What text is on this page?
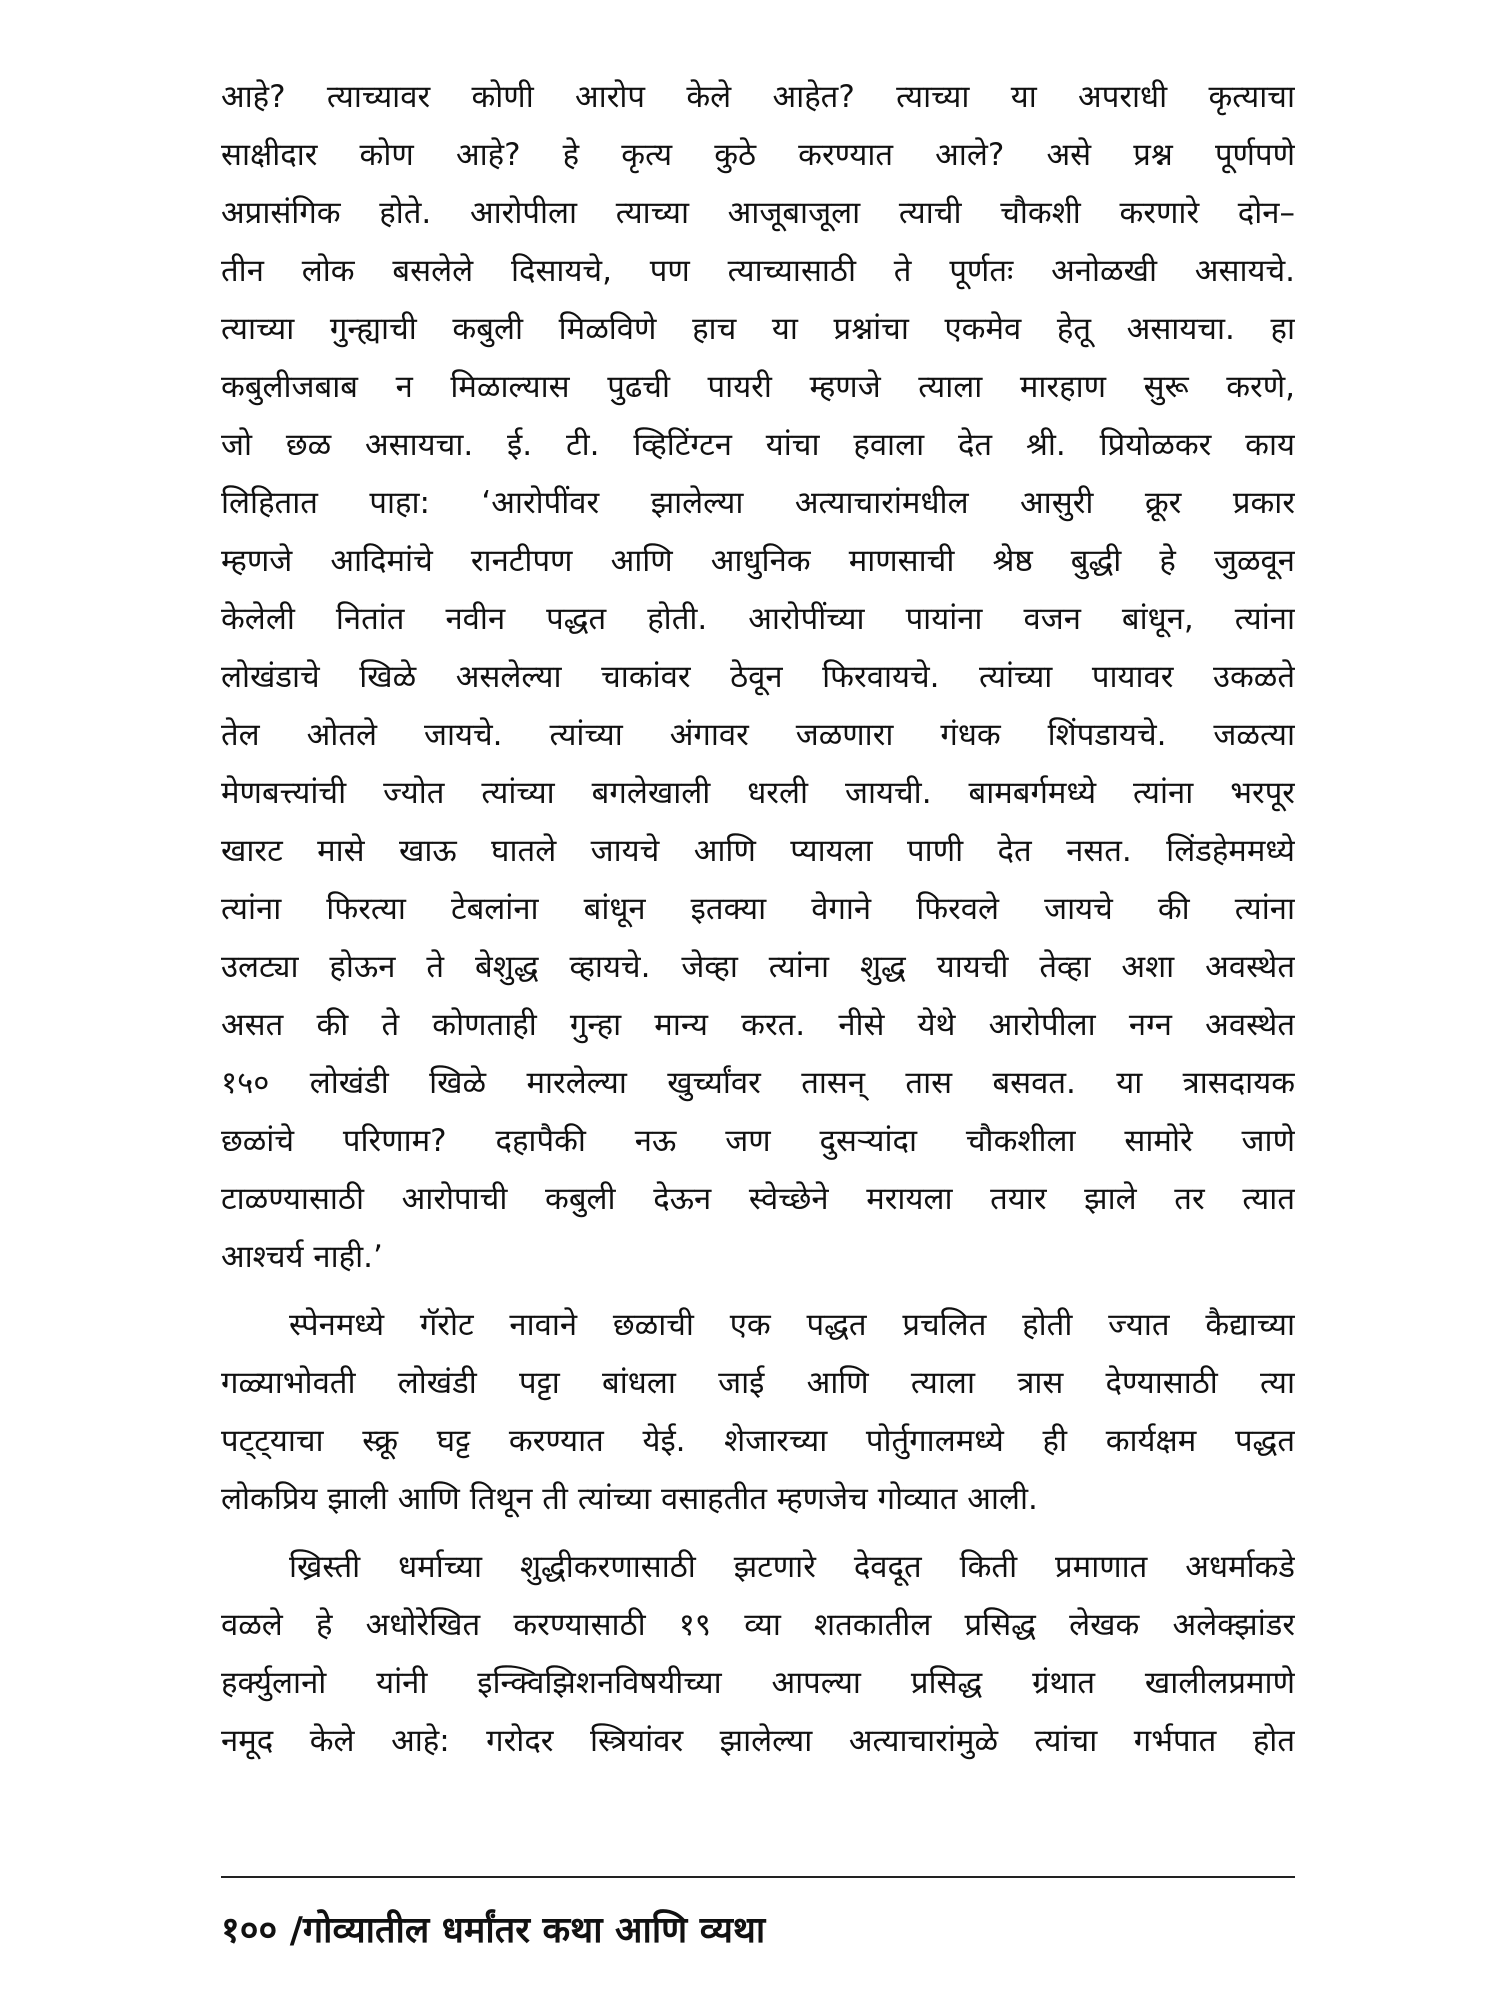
आहे? त्याच्यावर कोणी आरोप केले आहेत? त्याच्या या अपराधी कृत्याचा
साक्षीदार कोण आहे? हे कृत्य कुठे करण्यात आले? असे प्रश्न पूर्णपणे
अप्रासंगिक होते. आरोपीला त्याच्या आजूबाजूला त्याची चौकशी करणारे दोन–
तीन लोक बसलेले दिसायचे, पण त्याच्यासाठी ते पूर्णतः अनोळखी असायचे.
त्याच्या गुन्ह्याची कबुली मिळविणे हाच या प्रश्नांचा एकमेव हेतू असायचा. हा
कबुलीजबाब न मिळाल्यास पुढची पायरी म्हणजे त्याला मारहाण सुरू करणे,
जो छळ असायचा. ई. टी. व्हिटिंग्टन यांचा हवाला देत श्री. प्रियोळकर काय
लिहितात पाहा: ‘आरोपींवर झालेल्या अत्याचारांमधील आसुरी क्रूर प्रकार
म्हणजे आदिमांचे रानटीपण आणि आधुनिक माणसाची श्रेष्ठ बुद्धी हे जुळवून
केलेली नितांत नवीन पद्धत होती. आरोपींच्या पायांना वजन बांधून, त्यांना
लोखंडाचे खिळे असलेल्या चाकांवर ठेवून फिरवायचे. त्यांच्या पायावर उकळते
तेल ओतले जायचे. त्यांच्या अंगावर जळणारा गंधक शिंपडायचे. जळत्या
मेणबत्त्यांची ज्योत त्यांच्या बगलेखाली धरली जायची. बामबर्गमध्ये त्यांना भरपूर
खारट मासे खाऊ घातले जायचे आणि प्यायला पाणी देत नसत. लिंडहेममध्ये
त्यांना फिरत्या टेबलांना बांधून इतक्या वेगाने फिरवले जायचे की त्यांना
उलट्या होऊन ते बेशुद्ध व्हायचे. जेव्हा त्यांना शुद्ध यायची तेव्हा अशा अवस्थेत
असत की ते कोणताही गुन्हा मान्य करत. नीसे येथे आरोपीला नग्न अवस्थेत
१५० लोखंडी खिळे मारलेल्या खुर्च्यांवर तासन् तास बसवत. या त्रासदायक
छळांचे परिणाम? दहापैकी नऊ जण दुसऱ्यांदा चौकशीला सामोरे जाणे
टाळण्यासाठी आरोपाची कबुली देऊन स्वेच्छेने मरायला तयार झाले तर त्यात
आश्चर्य नाही.’
स्पेनमध्ये गॅरोट नावाने छळाची एक पद्धत प्रचलित होती ज्यात कैद्याच्या
गळ्याभोवती लोखंडी पट्टा बांधला जाई आणि त्याला त्रास देण्यासाठी त्या
पट्ट्याचा स्क्रू घट्ट करण्यात येई. शेजारच्या पोर्तुगालमध्ये ही कार्यक्षम पद्धत
लोकप्रिय झाली आणि तिथून ती त्यांच्या वसाहतीत म्हणजेच गोव्यात आली.
ख्रिस्ती धर्माच्या शुद्धीकरणासाठी झटणारे देवदूत किती प्रमाणात अधर्माकडे
वळले हे अधोरेखित करण्यासाठी १९ व्या शतकातील प्रसिद्ध लेखक अलेक्झांडर
हर्क्युलानो यांनी इन्क्विझिशनविषयीच्या आपल्या प्रसिद्ध ग्रंथात खालीलप्रमाणे
नमूद केले आहे: गरोदर स्त्रियांवर झालेल्या अत्याचारांमुळे त्यांचा गर्भपात होत
१०० /गोव्यातील धर्मांतर कथा आणि व्यथा
